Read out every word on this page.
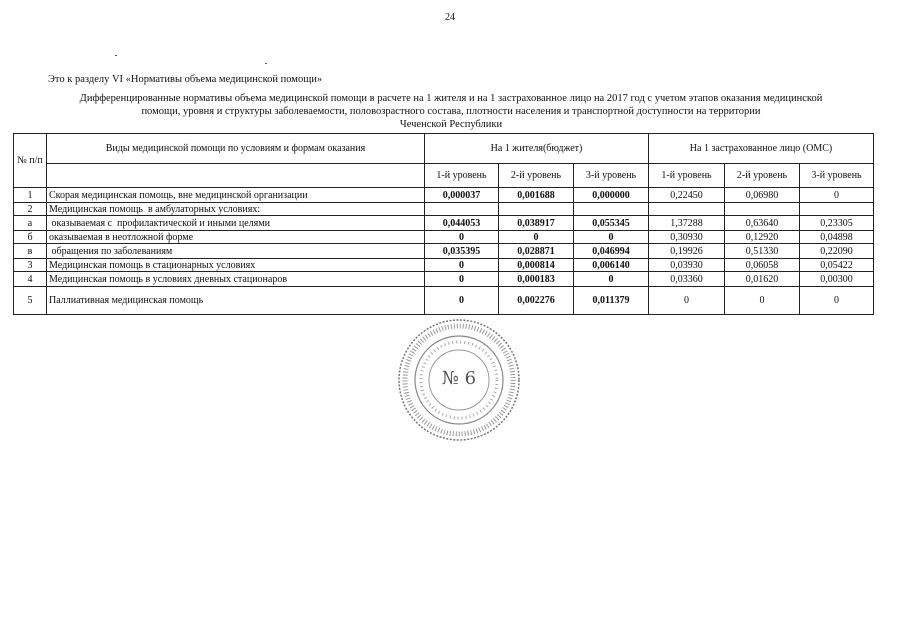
24
Это к разделу VI «Нормативы объема медицинской помощи»
Дифференцированные нормативы объема медицинской помощи в расчете на 1 жителя и на 1 застрахованное лицо на 2017 год с учетом этапов оказания медицинской
помощи, уровня и структуры заболеваемости, половозрастного состава, плотности населения и транспортной доступности на территории
Чеченской Республики
№ п/п	Виды медицинской помощи по условиям и формам оказания	На 1 жителя(бюджет)			На 1 застрахованное лицо (ОМС)		
		1-й уровень	2-й уровень	3-й уровень	1-й уровень	2-й уровень	3-й уровень
1	Скорая медицинская помощь, вне медицинской организации	0,000037	0,001688	0,000000	0,22450	0,06980	0
2	Медицинская помощь  в амбулаторных условиях:						
а	оказываемая с  профилактической и иными целями	0,044053	0,038917	0,055345	1,37288	0,63640	0,23305
б	оказываемая в неотложной форме	0	0	0	0,30930	0,12920	0,04898
в	обращения по заболеваниям	0,035395	0,028871	0,046994	0,19926	0,51330	0,22090
3	Медицинская помощь в стационарных условиях	0	0,000814	0,006140	0,03930	0,06058	0,05422
4	Медицинская помощь в условиях дневных стационаров	0	0,000183	0	0,03360	0,01620	0,00300
5	Паллиативная медицинская помощь	0	0,002276	0,011379	0	0	0
№ 6
